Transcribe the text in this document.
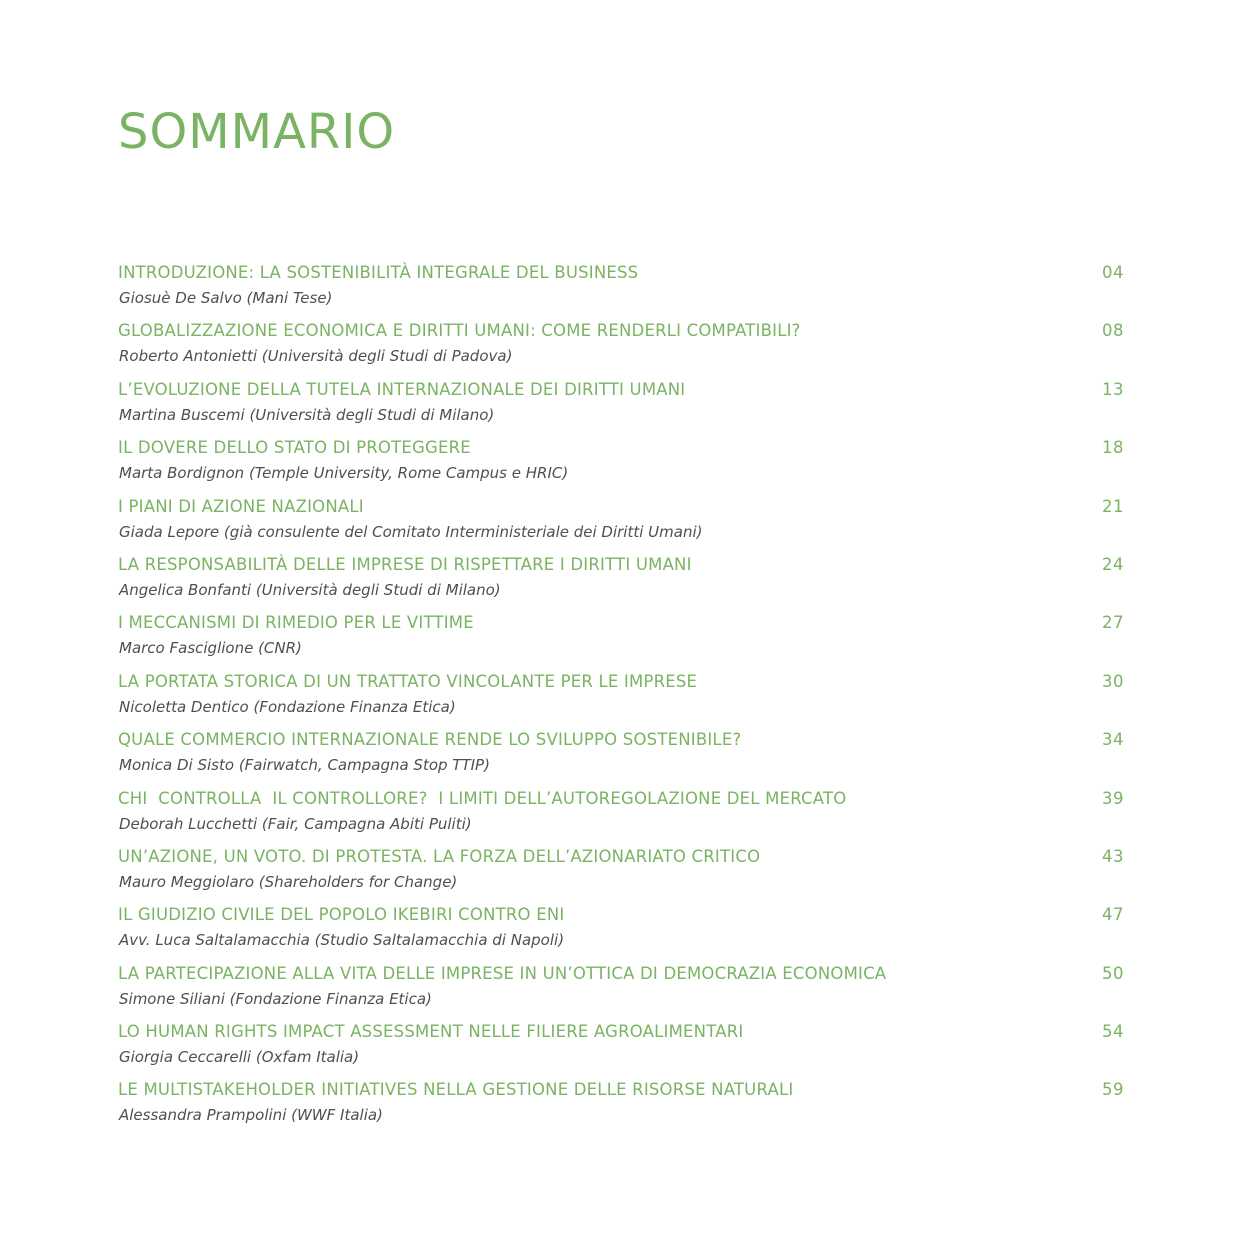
SOMMARIO
INTRODUZIONE: LA SOSTENIBILITÀ INTEGRALE DEL BUSINESS
Giosuè De Salvo (Mani Tese)
04
GLOBALIZZAZIONE ECONOMICA E DIRITTI UMANI: COME RENDERLI COMPATIBILI?
Roberto Antonietti (Università degli Studi di Padova)
08
L’EVOLUZIONE DELLA TUTELA INTERNAZIONALE DEI DIRITTI UMANI
Martina Buscemi (Università degli Studi di Milano)
13
IL DOVERE DELLO STATO DI PROTEGGERE
Marta Bordignon (Temple University, Rome Campus e HRIC)
18
I PIANI DI AZIONE NAZIONALI
Giada Lepore (già consulente del Comitato Interministeriale dei Diritti Umani)
21
LA RESPONSABILITÀ DELLE IMPRESE DI RISPETTARE I DIRITTI UMANI
Angelica Bonfanti (Università degli Studi di Milano)
24
I MECCANISMI DI RIMEDIO PER LE VITTIME
Marco Fasciglione (CNR)
27
LA PORTATA STORICA DI UN TRATTATO VINCOLANTE PER LE IMPRESE
Nicoletta Dentico (Fondazione Finanza Etica)
30
QUALE COMMERCIO INTERNAZIONALE RENDE LO SVILUPPO SOSTENIBILE?
Monica Di Sisto (Fairwatch, Campagna Stop TTIP)
34
CHI  CONTROLLA  IL CONTROLLORE?  I LIMITI DELL’AUTOREGOLAZIONE DEL MERCATO
Deborah Lucchetti (Fair, Campagna Abiti Puliti)
39
UN’AZIONE, UN VOTO. DI PROTESTA. LA FORZA DELL’AZIONARIATO CRITICO
Mauro Meggiolaro (Shareholders for Change)
43
IL GIUDIZIO CIVILE DEL POPOLO IKEBIRI CONTRO ENI
Avv. Luca Saltalamacchia (Studio Saltalamacchia di Napoli)
47
LA PARTECIPAZIONE ALLA VITA DELLE IMPRESE IN UN’OTTICA DI DEMOCRAZIA ECONOMICA
Simone Siliani (Fondazione Finanza Etica)
50
LO HUMAN RIGHTS IMPACT ASSESSMENT NELLE FILIERE AGROALIMENTARI
Giorgia Ceccarelli (Oxfam Italia)
54
LE MULTISTAKEHOLDER INITIATIVES NELLA GESTIONE DELLE RISORSE NATURALI
Alessandra Prampolini (WWF Italia)
59
